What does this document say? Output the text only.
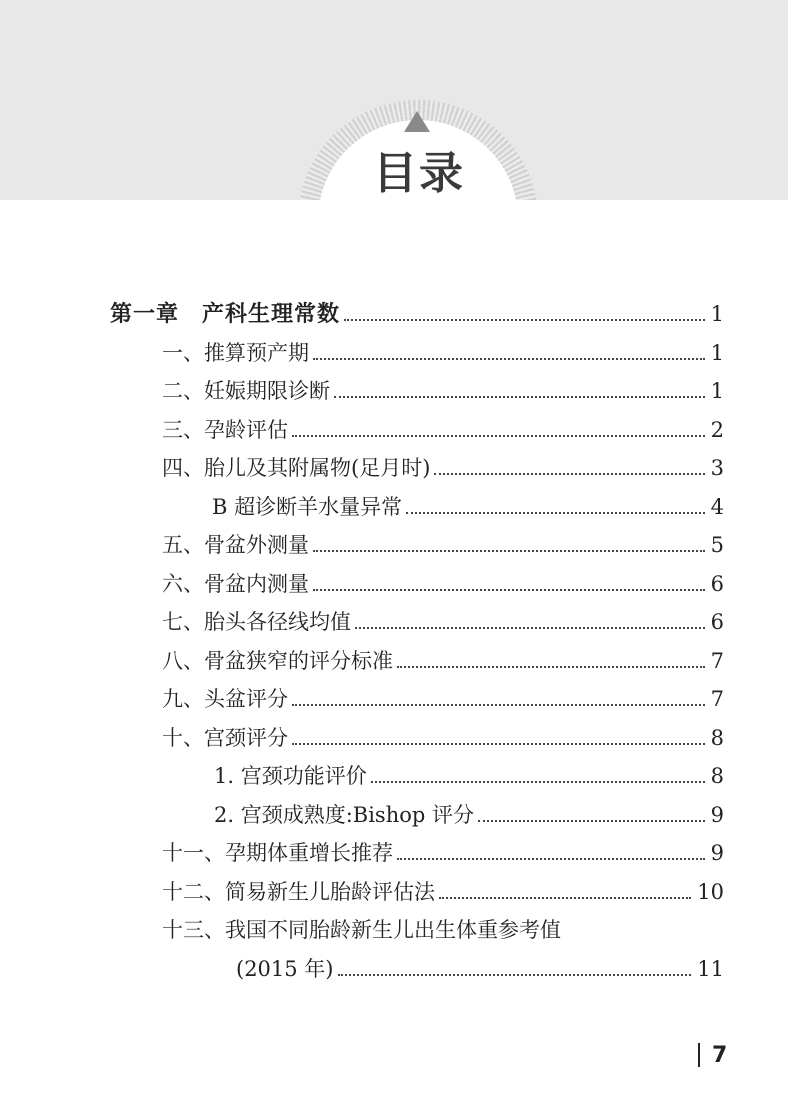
目录
第一章　产科生理常数	1
一、推算预产期	1
二、妊娠期限诊断	1
三、孕龄评估	2
四、胎儿及其附属物(足月时)	3
B 超诊断羊水量异常	4
五、骨盆外测量	5
六、骨盆内测量	6
七、胎头各径线均值	6
八、骨盆狭窄的评分标准	7
九、头盆评分	7
十、宫颈评分	8
1. 宫颈功能评价	8
2. 宫颈成熟度:Bishop 评分	9
十一、孕期体重增长推荐	9
十二、简易新生儿胎龄评估法	10
十三、我国不同胎龄新生儿出生体重参考值
(2015 年)	11
7
